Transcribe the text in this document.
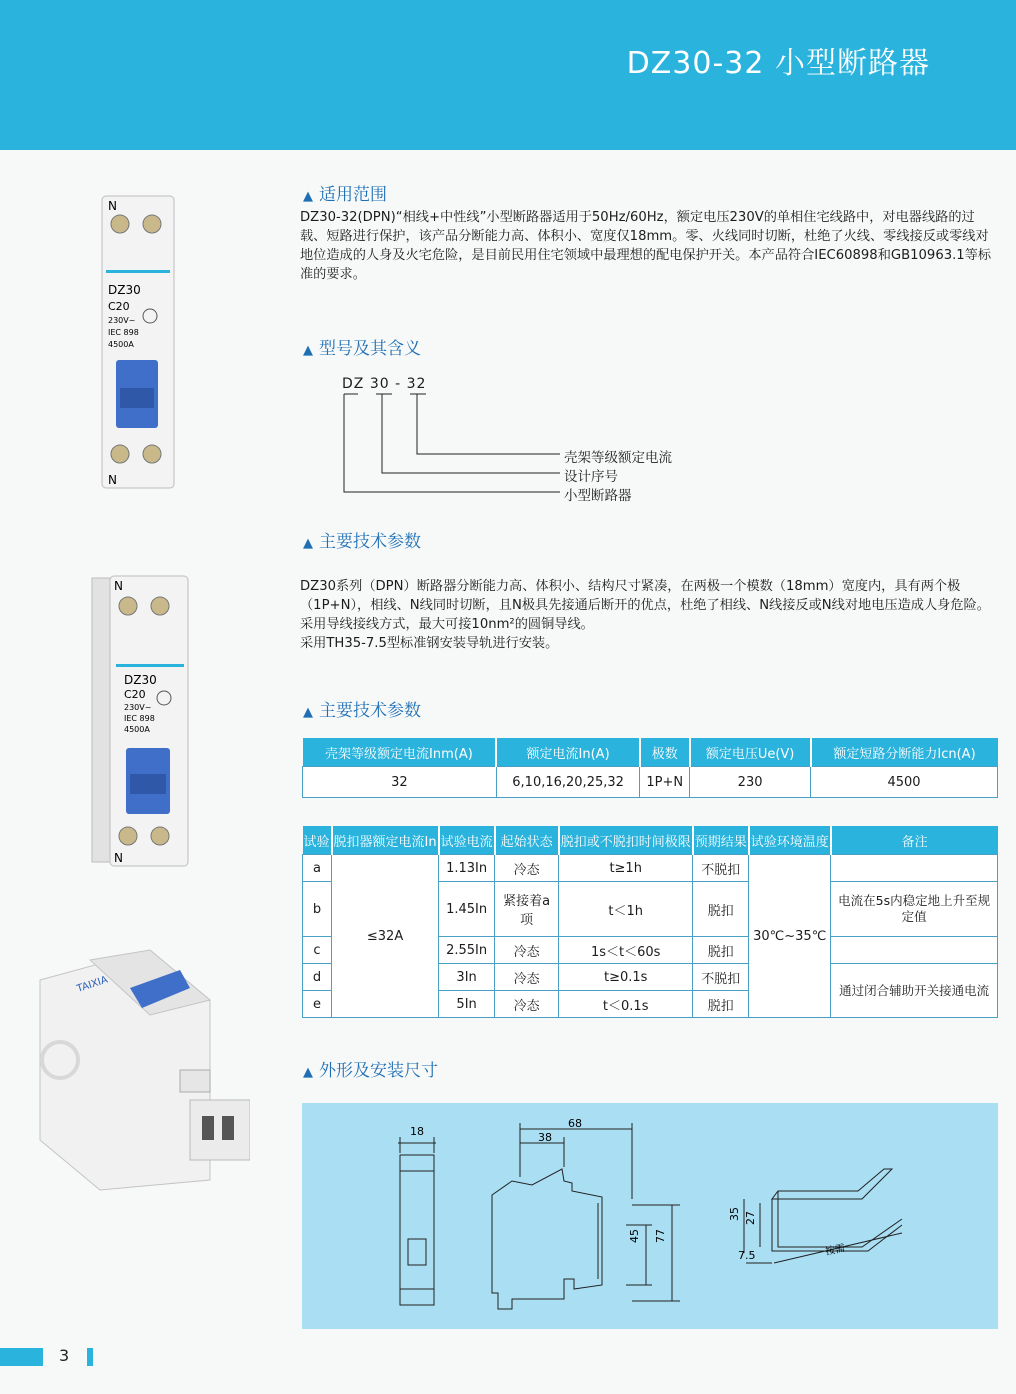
DZ30-32 小型断路器
N
DZ30
C20
230V~
IEC 898
4500A
N
N
DZ30
C20
230V~
IEC 898
4500A
N
TAIXIA
▲ 适用范围

DZ30-32(DPN)“相线+中性线”小型断路器适用于50Hz/60Hz，额定电压230V的单相住宅线路中，对电器线路的过载、短路进行保护，该产品分断能力高、体积小、宽度仅18mm。零、火线同时切断，杜绝了火线、零线接反或零线对地位造成的人身及火宅危险，是目前民用住宅领域中最理想的配电保护开关。本产品符合IEC60898和GB10963.1等标准的要求。

▲ 型号及其含义
DZ 30 - 32
壳架等级额定电流
设计序号
小型断路器
▲ 主要技术参数

DZ30系列（DPN）断路器分断能力高、体积小、结构尺寸紧凑，在两极一个模数（18mm）宽度内，具有两个极（1P+N），相线、N线同时切断，且N极具先接通后断开的优点，杜绝了相线、N线接反或N线对地电压造成人身危险。

采用导线接线方式，最大可接10nm²的圆铜导线。

采用TH35-7.5型标准钢安装导轨进行安装。

▲ 主要技术参数
壳架等级额定电流Inm(A)	额定电流In(A)	极数	额定电压Ue(V)	额定短路分断能力Icn(A)
32	6,10,16,20,25,32	1P+N	230	4500
试验	脱扣器额定电流In	试验电流	起始状态	脱扣或不脱扣时间极限	预期结果	试验环境温度	备注
a	≤32A	1.13In	冷态	t≥1h	不脱扣	30℃~35℃	
b		1.45In	紧接着a项	t＜1h	脱扣		电流在5s内稳定地上升至规定值
c		2.55In	冷态	1s＜t＜60s	脱扣		
d		3In	冷态	t≥0.1s	不脱扣		通过闭合辅助开关接通电流
e		5In	冷态	t＜0.1s	脱扣		
▲ 外形及安装尺寸
18
68
38
45 77
35 27
7.5	按需
3
